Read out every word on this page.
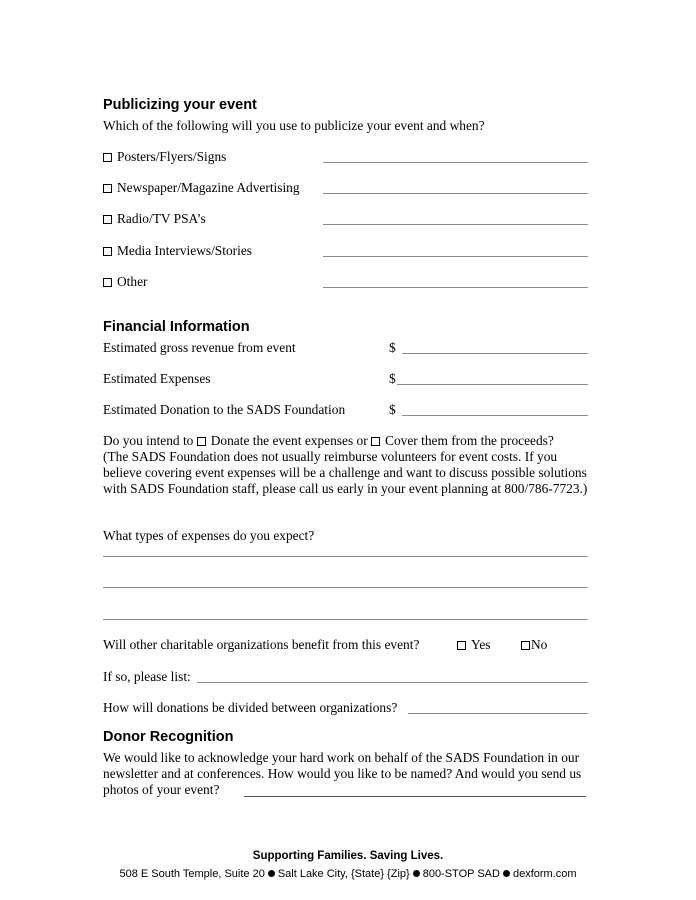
Publicizing your event
Which of the following will you use to publicize your event and when?
Posters/Flyers/Signs
Newspaper/Magazine Advertising
Radio/TV PSA’s
Media Interviews/Stories
Other
Financial Information
Estimated gross revenue from event	$
Estimated Expenses	$
Estimated Donation to the SADS Foundation	$
Do you intend to Donate the event expenses or Cover them from the proceeds?
(The SADS Foundation does not usually reimburse volunteers for event costs. If you believe covering event expenses will be a challenge and want to discuss possible solutions with SADS Foundation staff, please call us early in your event planning at 800/786-7723.)
What types of expenses do you expect?
Will other charitable organizations benefit from this event?	Yes	No
If so, please list:
How will donations be divided between organizations?
Donor Recognition
We would like to acknowledge your hard work on behalf of the SADS Foundation in our newsletter and at conferences. How would you like to be named? And would you send us photos of your event?
Supporting Families. Saving Lives.
508 E South Temple, Suite 20 Salt Lake City, {State} {Zip} 800-STOP SAD dexform.com
